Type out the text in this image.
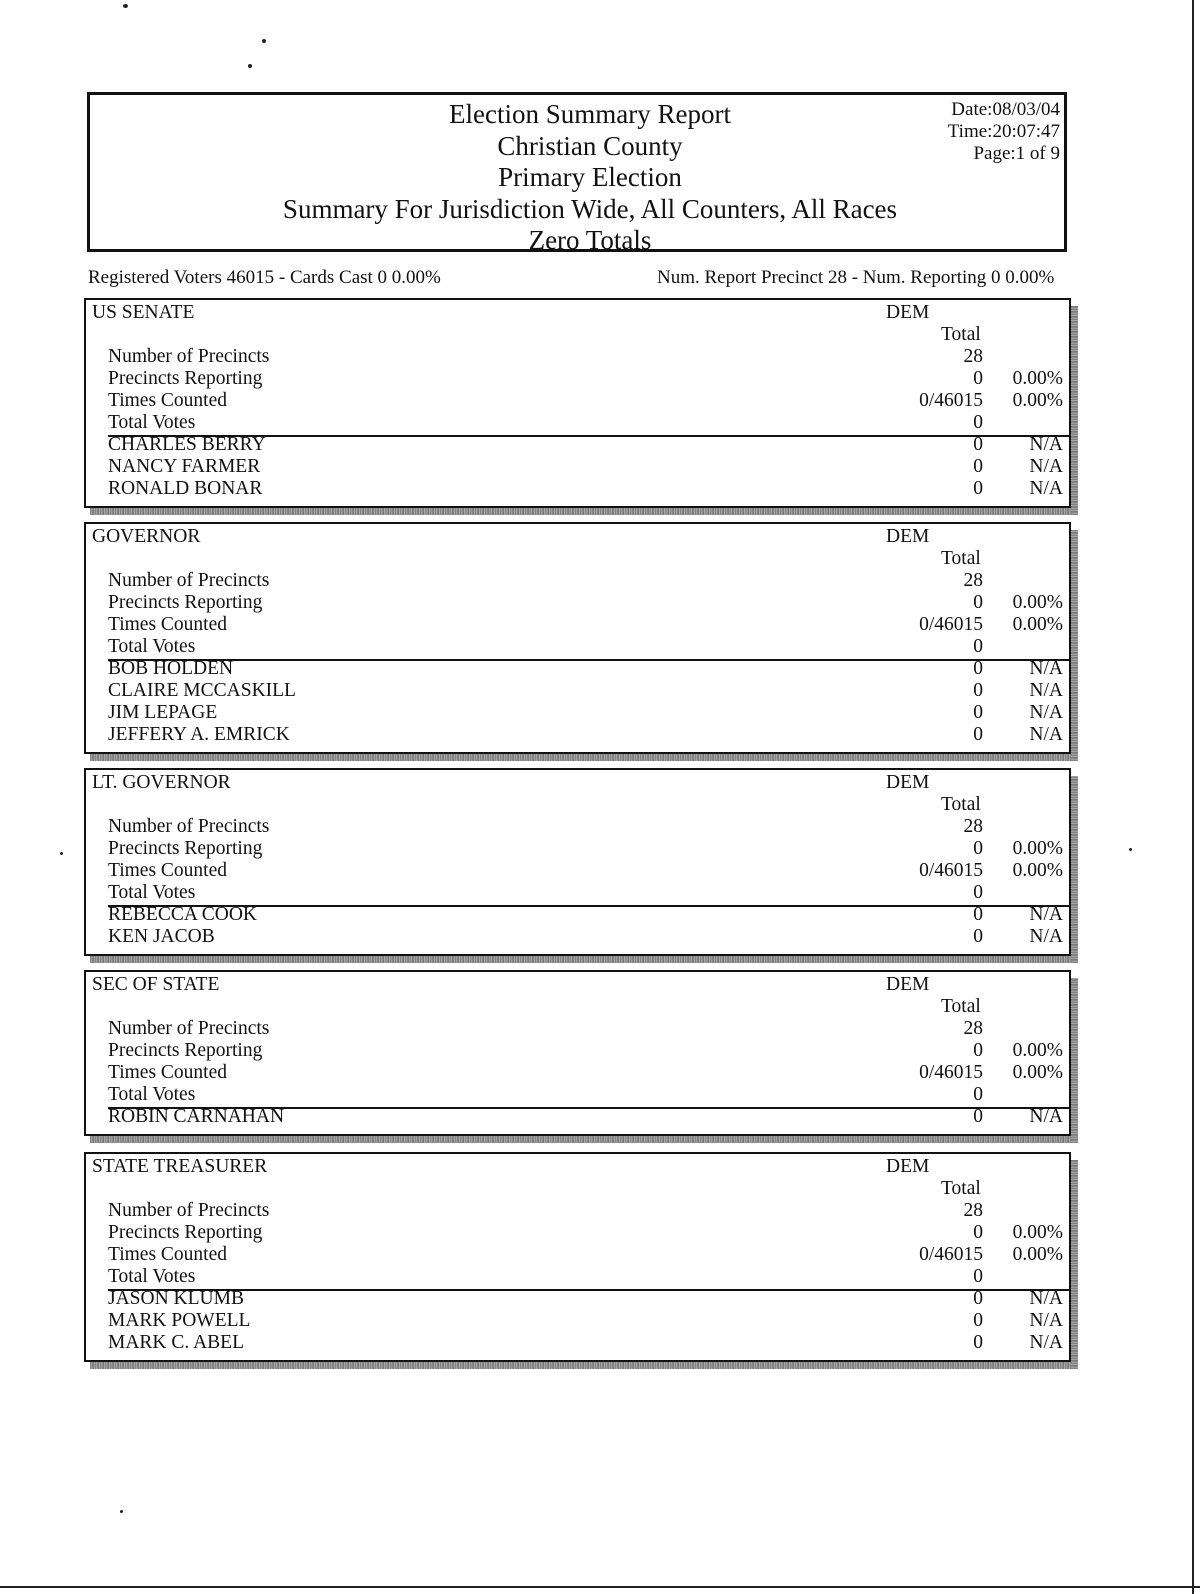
Election Summary Report
Christian County
Primary Election
Summary For Jurisdiction Wide, All Counters, All Races
Zero Totals
Date:08/03/04
Time:20:07:47
Page:1 of 9
Registered Voters 46015 - Cards Cast 0 0.00%	Num. Report Precinct 28 - Num. Reporting 0 0.00%
US SENATE	DEM
Total
Number of Precincts	28
Precincts Reporting	0 0.00%
Times Counted	0/46015 0.00%
Total Votes	0
CHARLES BERRY	0 N/A
NANCY FARMER	0 N/A
RONALD BONAR	0 N/A
GOVERNOR	DEM
Total
Number of Precincts	28
Precincts Reporting	0 0.00%
Times Counted	0/46015 0.00%
Total Votes	0
BOB HOLDEN	0 N/A
CLAIRE MCCASKILL	0 N/A
JIM LEPAGE	0 N/A
JEFFERY A. EMRICK	0 N/A
LT. GOVERNOR	DEM
Total
Number of Precincts	28
Precincts Reporting	0 0.00%
Times Counted	0/46015 0.00%
Total Votes	0
REBECCA COOK	0 N/A
KEN JACOB	0 N/A
SEC OF STATE	DEM
Total
Number of Precincts	28
Precincts Reporting	0 0.00%
Times Counted	0/46015 0.00%
Total Votes	0
ROBIN CARNAHAN	0 N/A
STATE TREASURER	DEM
Total
Number of Precincts	28
Precincts Reporting	0 0.00%
Times Counted	0/46015 0.00%
Total Votes	0
JASON KLUMB	0 N/A
MARK POWELL	0 N/A
MARK C. ABEL	0 N/A
